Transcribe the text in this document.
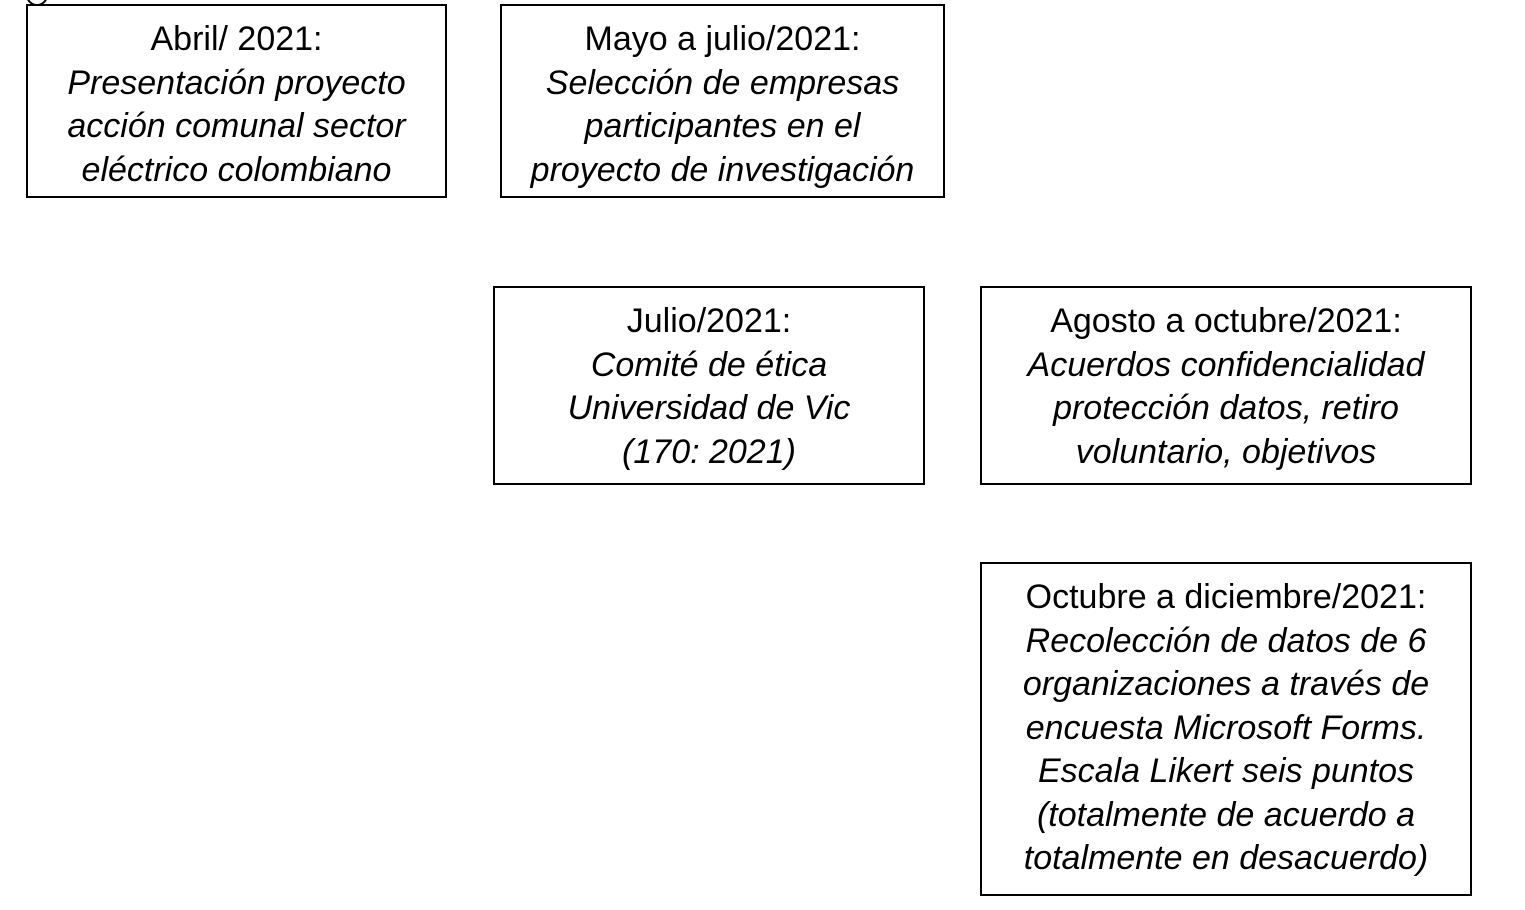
Abril/ 2021:
Presentación proyecto
acción comunal sector
eléctrico colombiano
Mayo a julio/2021:
Selección de empresas
participantes en el
proyecto de investigación
Julio/2021:
Comité de ética
Universidad de Vic
(170: 2021)
Agosto a octubre/2021:
Acuerdos confidencialidad
protección datos, retiro
voluntario, objetivos
Octubre a diciembre/2021:
Recolección de datos de 6
organizaciones a través de
encuesta Microsoft Forms.
Escala Likert seis puntos
(totalmente de acuerdo a
totalmente en desacuerdo)
